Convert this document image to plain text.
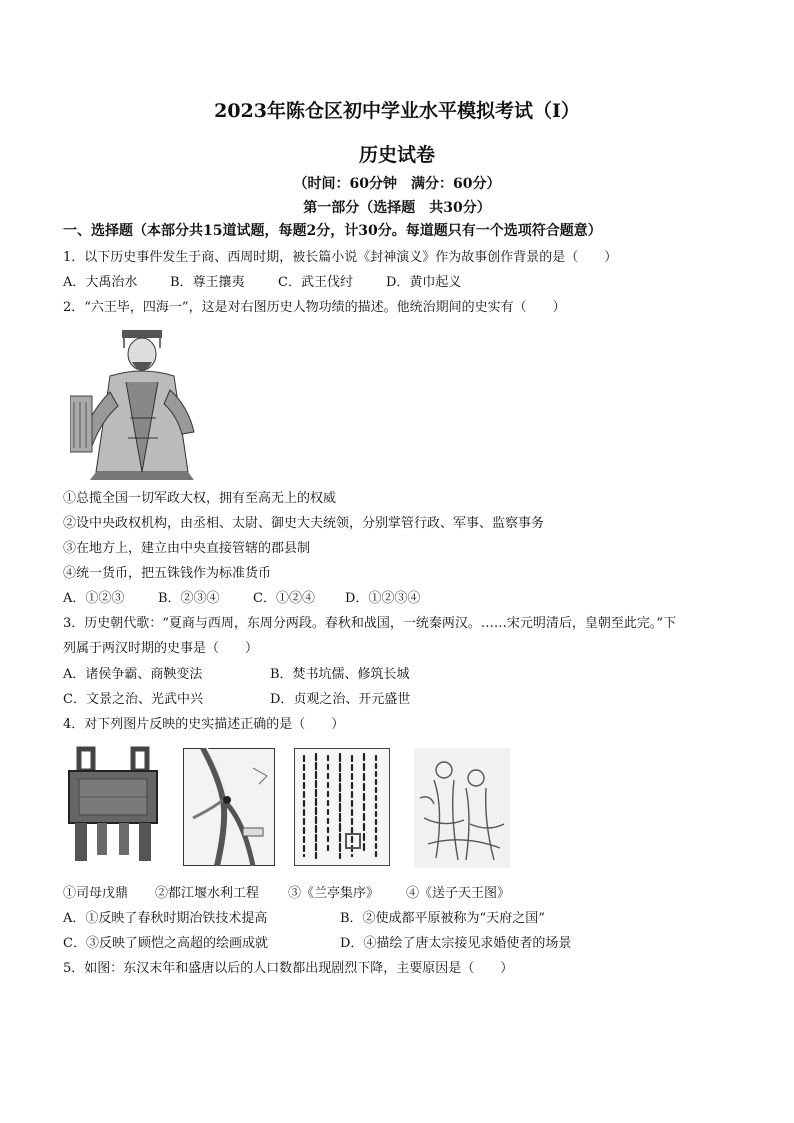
2023年陈仓区初中学业水平模拟考试（Ⅰ）
历史试卷
（时间：60分钟　满分：60分）
第一部分（选择题　共30分）
一、选择题（本部分共15道试题，每题2分，计30分。每道题只有一个选项符合题意）
1．以下历史事件发生于商、西周时期，被长篇小说《封神演义》作为故事创作背景的是（　　）
A．大禹治水	B．尊王攘夷	C．武王伐纣	D．黄巾起义
2．“六王毕，四海一”，这是对右图历史人物功绩的描述。他统治期间的史实有（　　）
①总揽全国一切军政大权，拥有至高无上的权威
②设中央政权机构，由丞相、太尉、御史大夫统领，分别掌管行政、军事、监察事务
③在地方上，建立由中央直接管辖的郡县制
④统一货币，把五铢钱作为标准货币
A．①②③	B．②③④	C．①②④ D．①②③④
3．历史朝代歌：“夏商与西周，东周分两段。春秋和战国，一统秦两汉。……宋元明清后，皇朝至此完。”下
列属于两汉时期的史事是（　　）
A．诸侯争霸、商鞅变法	B．焚书坑儒、修筑长城
C．文景之治、光武中兴	D．贞观之治、开元盛世
4．对下列图片反映的史实描述正确的是（　　）
①司母戊鼎 ②都江堰水利工程 ③《兰亭集序》 ④《送子天王图》
A．①反映了春秋时期冶铁技术提高	B．②使成都平原被称为“天府之国”
C．③反映了顾恺之高超的绘画成就	D．④描绘了唐太宗接见求婚使者的场景
5．如图：东汉末年和盛唐以后的人口数都出现剧烈下降，主要原因是（　　）
